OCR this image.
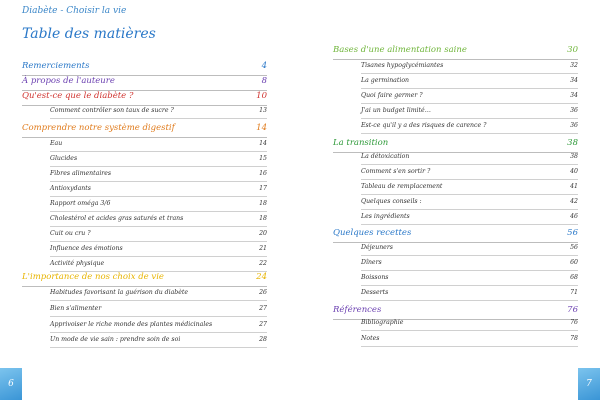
Diabète - Choisir la vie
Table des matières
Remerciements	4
À propos de l'auteure	8
Qu'est-ce que le diabète ?	10
Comment contrôler son taux de sucre ?	13
Comprendre notre système digestif	14
Eau	14
Glucides	15
Fibres alimentaires	16
Antioxydants	17
Rapport oméga 3/6	18
Cholestérol et acides gras saturés et trans	18
Cuit ou cru ?	20
Influence des émotions	21
Activité physique	22
L'importance de nos choix de vie	24
Habitudes favorisant la guérison du diabète	26
Bien s'alimenter	27
Apprivoiser le riche monde des plantes médicinales	27
Un mode de vie sain : prendre soin de soi	28
Bases d'une alimentation saine	30
Tisanes hypoglycémiantes	32
La germination	34
Quoi faire germer ?	34
J'ai un budget limité…	36
Est-ce qu'il y a des risques de carence ?	36
La transition	38
La détoxication	38
Comment s'en sortir ?	40
Tableau de remplacement	41
Quelques conseils :	42
Les ingrédients	46
Quelques recettes	56
Déjeuners	56
Dîners	60
Boissons	68
Desserts	71
Références	76
Bibliographie	76
Notes	78
6	7
